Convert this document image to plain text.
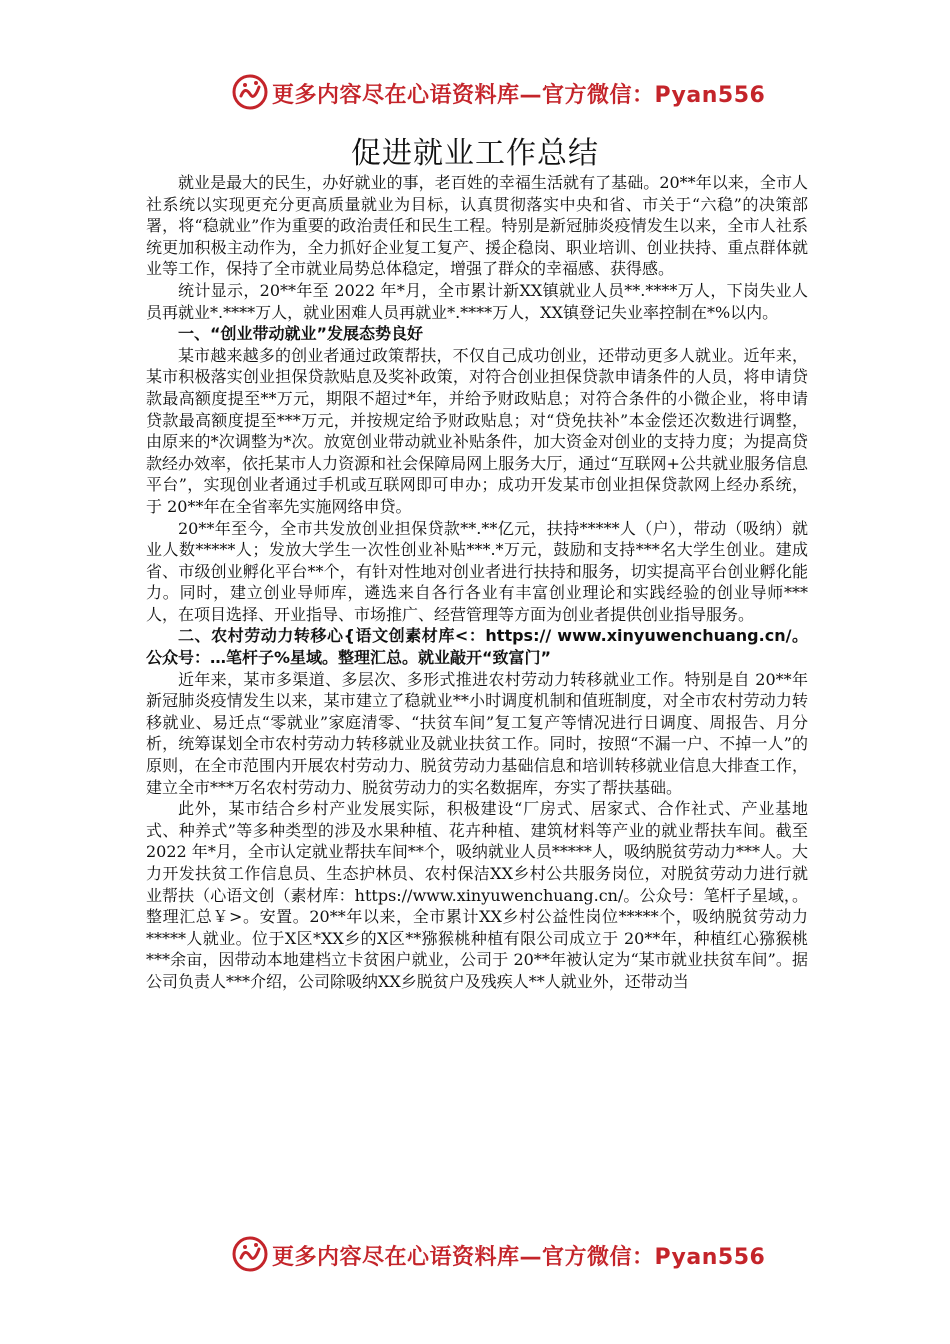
更多内容尽在心语资料库—官方微信：Pyan556
促进就业工作总结

就业是最大的民生，办好就业的事，老百姓的幸福生活就有了基础。20**年以来，全市人社系统以实现更充分更高质量就业为目标，认真贯彻落实中央和省、市关于“六稳”的决策部署，将“稳就业”作为重要的政治责任和民生工程。特别是新冠肺炎疫情发生以来，全市人社系统更加积极主动作为，全力抓好企业复工复产、援企稳岗、职业培训、创业扶持、重点群体就业等工作，保持了全市就业局势总体稳定，增强了群众的幸福感、获得感。

统计显示，20**年至 2022 年*月，全市累计新XX镇就业人员**.****万人，下岗失业人员再就业*.****万人，就业困难人员再就业*.****万人，XX镇登记失业率控制在*%以内。

一、“创业带动就业”发展态势良好

某市越来越多的创业者通过政策帮扶，不仅自己成功创业，还带动更多人就业。近年来，某市积极落实创业担保贷款贴息及奖补政策，对符合创业担保贷款申请条件的人员，将申请贷款最高额度提至**万元，期限不超过*年，并给予财政贴息；对符合条件的小微企业，将申请贷款最高额度提至***万元，并按规定给予财政贴息；对“贷免扶补”本金偿还次数进行调整，由原来的*次调整为*次。放宽创业带动就业补贴条件，加大资金对创业的支持力度；为提高贷款经办效率，依托某市人力资源和社会保障局网上服务大厅，通过“互联网+公共就业服务信息平台”，实现创业者通过手机或互联网即可申办；成功开发某市创业担保贷款网上经办系统，于 20**年在全省率先实施网络申贷。

20**年至今，全市共发放创业担保贷款**.**亿元，扶持*****人（户），带动（吸纳）就业人数*****人；发放大学生一次性创业补贴***.*万元，鼓励和支持***名大学生创业。建成省、市级创业孵化平台**个，有针对性地对创业者进行扶持和服务，切实提高平台创业孵化能力。同时，建立创业导师库，遴选来自各行各业有丰富创业理论和实践经验的创业导师***人，在项目选择、开业指导、市场推广、经营管理等方面为创业者提供创业指导服务。

二、农村劳动力转移心{语文创素材库<：https:// www.xinyuwenchuang.cn/。公众号：…笔杆子%星域。整理汇总。就业敲开“致富门”

近年来，某市多渠道、多层次、多形式推进农村劳动力转移就业工作。特别是自 20**年新冠肺炎疫情发生以来，某市建立了稳就业**小时调度机制和值班制度，对全市农村劳动力转移就业、易迁点“零就业”家庭清零、“扶贫车间”复工复产等情况进行日调度、周报告、月分析，统筹谋划全市农村劳动力转移就业及就业扶贫工作。同时，按照“不漏一户、不掉一人”的原则，在全市范围内开展农村劳动力、脱贫劳动力基础信息和培训转移就业信息大排查工作，建立全市***万名农村劳动力、脱贫劳动力的实名数据库，夯实了帮扶基础。

此外，某市结合乡村产业发展实际，积极建设“厂房式、居家式、合作社式、产业基地式、种养式”等多种类型的涉及水果种植、花卉种植、建筑材料等产业的就业帮扶车间。截至 2022 年*月，全市认定就业帮扶车间**个，吸纳就业人员*****人，吸纳脱贫劳动力***人。大力开发扶贫工作信息员、生态护林员、农村保洁XX乡村公共服务岗位，对脱贫劳动力进行就业帮扶（心语文创（素材库：https://www.xinyuwenchuang.cn/。公众号：笔杆子星域，。整理汇总￥>。安置。20**年以来，全市累计XX乡村公益性岗位*****个，吸纳脱贫劳动力*****人就业。位于X区*XX乡的X区**猕猴桃种植有限公司成立于 20**年，种植红心猕猴桃***余亩，因带动本地建档立卡贫困户就业，公司于 20**年被认定为“某市就业扶贫车间”。据公司负责人***介绍，公司除吸纳XX乡脱贫户及残疾人**人就业外，还带动当

更多内容尽在心语资料库—官方微信：Pyan556
